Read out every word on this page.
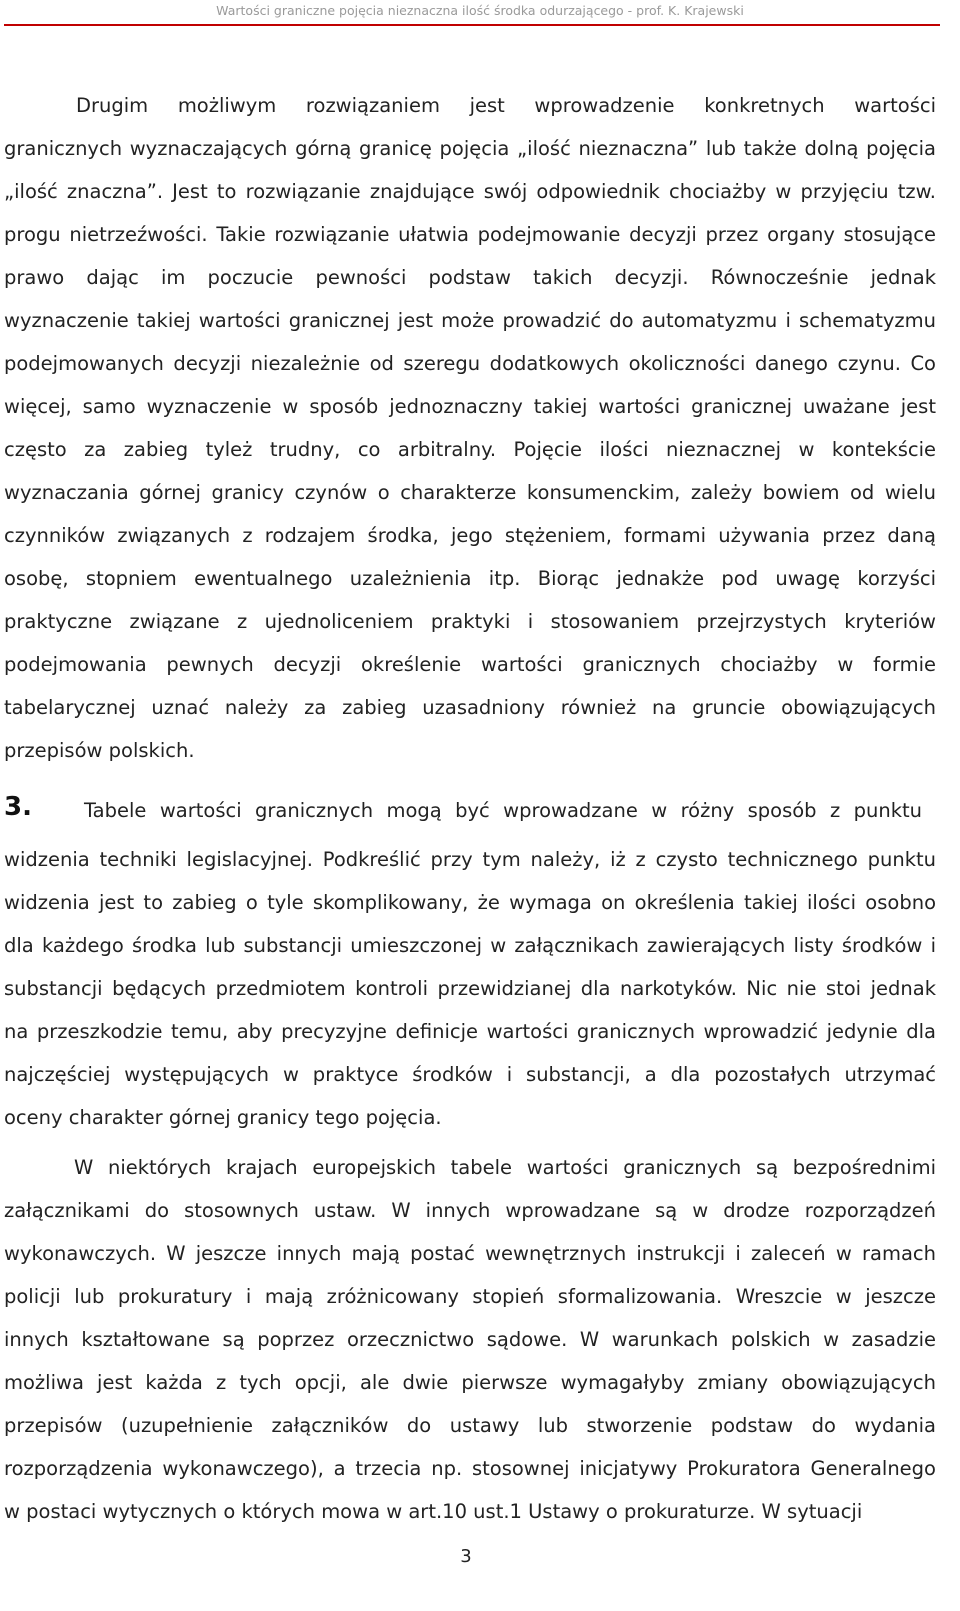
Wartości graniczne pojęcia nieznaczna ilość środka odurzającego - prof. K. Krajewski
Drugim możliwym rozwiązaniem jest wprowadzenie konkretnych wartości
granicznych wyznaczających górną granicę pojęcia „ilość nieznaczna” lub także dolną pojęcia
„ilość znaczna”. Jest to rozwiązanie znajdujące swój odpowiednik chociażby w przyjęciu tzw.
progu nietrzeźwości. Takie rozwiązanie ułatwia podejmowanie decyzji przez organy stosujące
prawo dając im poczucie pewności podstaw takich decyzji. Równocześnie jednak
wyznaczenie takiej wartości granicznej jest może prowadzić do automatyzmu i schematyzmu
podejmowanych decyzji niezależnie od szeregu dodatkowych okoliczności danego czynu. Co
więcej, samo wyznaczenie w sposób jednoznaczny takiej wartości granicznej uważane jest
często za zabieg tyleż trudny, co arbitralny. Pojęcie ilości nieznacznej w kontekście
wyznaczania górnej granicy czynów o charakterze konsumenckim, zależy bowiem od wielu
czynników związanych z rodzajem środka, jego stężeniem, formami używania przez daną
osobę, stopniem ewentualnego uzależnienia itp. Biorąc jednakże pod uwagę korzyści
praktyczne związane z ujednoliceniem praktyki i stosowaniem przejrzystych kryteriów
podejmowania pewnych decyzji określenie wartości granicznych chociażby w formie
tabelarycznej uznać należy za zabieg uzasadniony również na gruncie obowiązujących
przepisów polskich.
3.	Tabele wartości granicznych mogą być wprowadzane w różny sposób z punktu
widzenia techniki legislacyjnej. Podkreślić przy tym należy, iż z czysto technicznego punktu
widzenia jest to zabieg o tyle skomplikowany, że wymaga on określenia takiej ilości osobno
dla każdego środka lub substancji umieszczonej w załącznikach zawierających listy środków i
substancji będących przedmiotem kontroli przewidzianej dla narkotyków. Nic nie stoi jednak
na przeszkodzie temu, aby precyzyjne definicje wartości granicznych wprowadzić jedynie dla
najczęściej występujących w praktyce środków i substancji, a dla pozostałych utrzymać
oceny charakter górnej granicy tego pojęcia.
W niektórych krajach europejskich tabele wartości granicznych są bezpośrednimi
załącznikami do stosownych ustaw. W innych wprowadzane są w drodze rozporządzeń
wykonawczych. W jeszcze innych mają postać wewnętrznych instrukcji i zaleceń w ramach
policji lub prokuratury i mają zróżnicowany stopień sformalizowania. Wreszcie w jeszcze
innych kształtowane są poprzez orzecznictwo sądowe. W warunkach polskich w zasadzie
możliwa jest każda z tych opcji, ale dwie pierwsze wymagałyby zmiany obowiązujących
przepisów (uzupełnienie załączników do ustawy lub stworzenie podstaw do wydania
rozporządzenia wykonawczego), a trzecia np. stosownej inicjatywy Prokuratora Generalnego
w postaci wytycznych o których mowa w art.10 ust.1 Ustawy o prokuraturze. W sytuacji
3
